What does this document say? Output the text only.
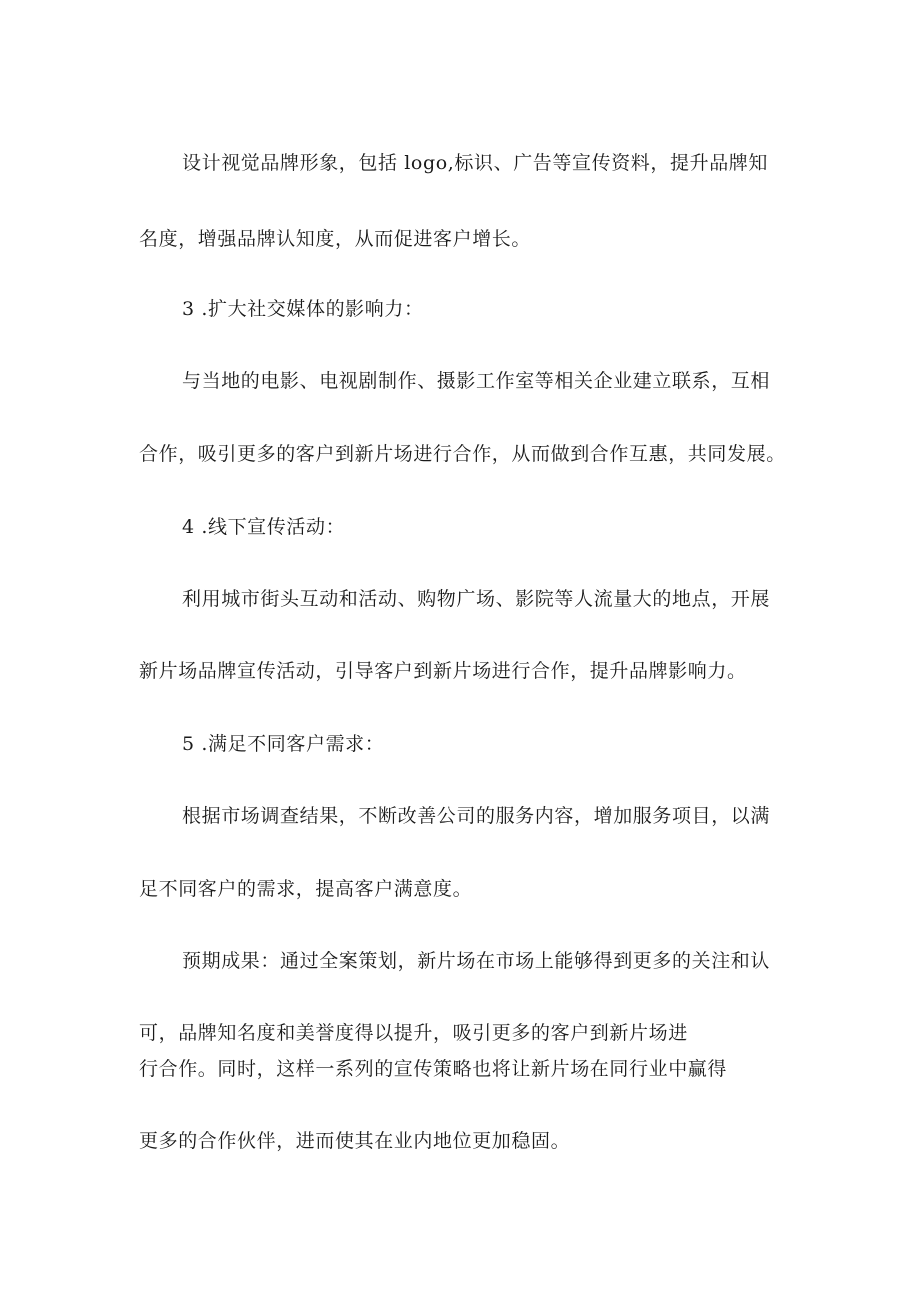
设计视觉品牌形象，包括 logo,标识、广告等宣传资料，提升品牌知
名度，增强品牌认知度，从而促进客户增长。
3 .扩大社交媒体的影响力：
与当地的电影、电视剧制作、摄影工作室等相关企业建立联系，互相
合作，吸引更多的客户到新片场进行合作，从而做到合作互惠，共同发展。
4 .线下宣传活动：
利用城市街头互动和活动、购物广场、影院等人流量大的地点，开展
新片场品牌宣传活动，引导客户到新片场进行合作，提升品牌影响力。
5 .满足不同客户需求：
根据市场调查结果，不断改善公司的服务内容，增加服务项目，以满
足不同客户的需求，提高客户满意度。
预期成果：通过全案策划，新片场在市场上能够得到更多的关注和认
可，品牌知名度和美誉度得以提升，吸引更多的客户到新片场进
行合作。同时，这样一系列的宣传策略也将让新片场在同行业中赢得
更多的合作伙伴，进而使其在业内地位更加稳固。
